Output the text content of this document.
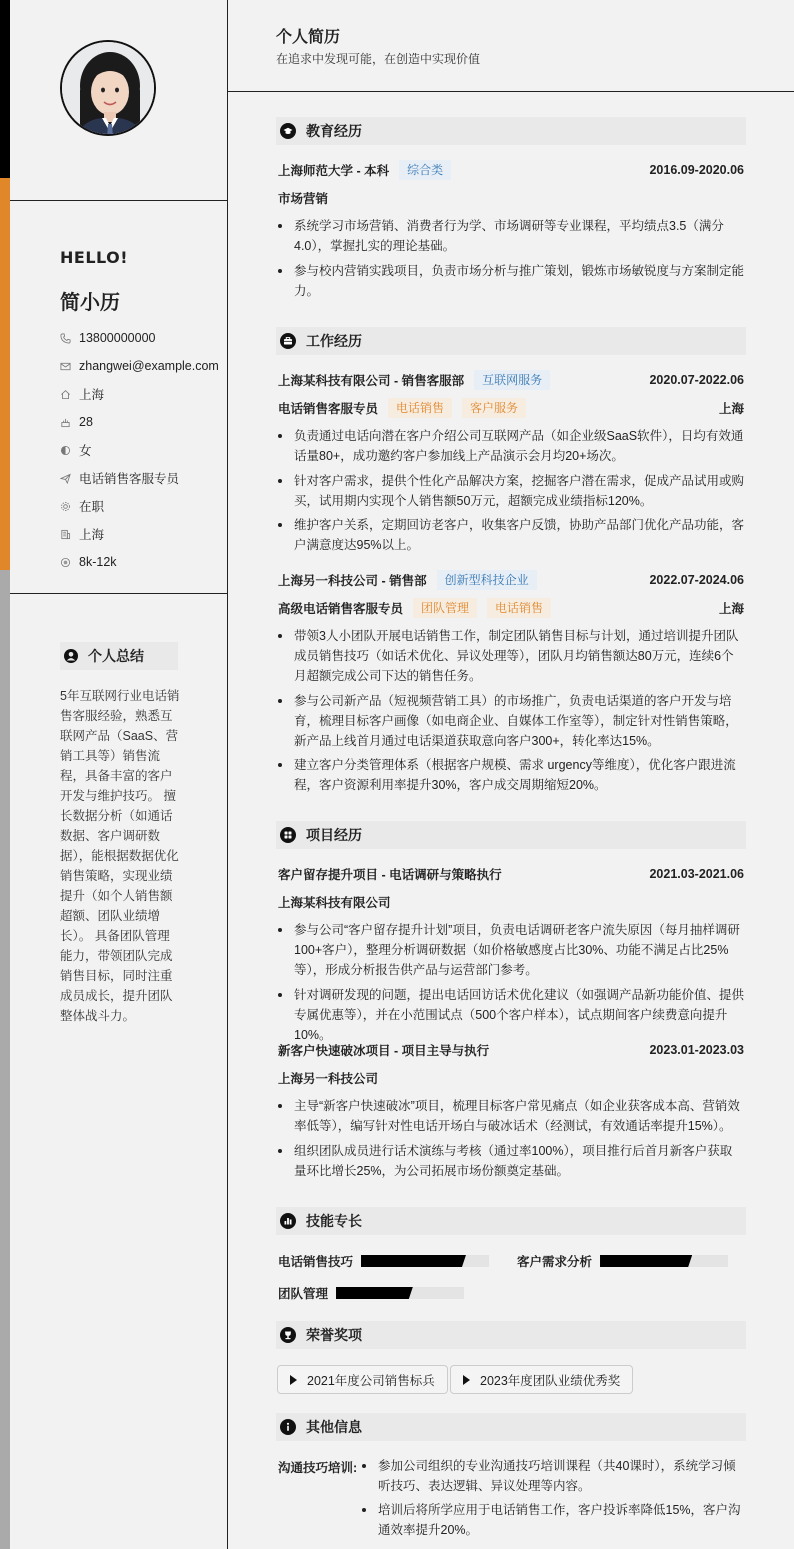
HELLO!
简小历
13800000000
zhangwei@example.com
上海
28
女
电话销售客服专员
在职
上海
8k-12k
个人总结
5年互联网行业电话销售客服经验，熟悉互联网产品（SaaS、营销工具等）销售流程，具备丰富的客户开发与维护技巧。 擅长数据分析（如通话数据、客户调研数据），能根据数据优化销售策略，实现业绩提升（如个人销售额超额、团队业绩增长）。 具备团队管理能力，带领团队完成销售目标，同时注重成员成长，提升团队整体战斗力。
个人简历
在追求中发现可能，在创造中实现价值
教育经历
上海师范大学 - 本科	综合类	2016.09-2020.06
市场营销
系统学习市场营销、消费者行为学、市场调研等专业课程，平均绩点3.5（满分4.0），掌握扎实的理论基础。
参与校内营销实践项目，负责市场分析与推广策划，锻炼市场敏锐度与方案制定能力。
工作经历
上海某科技有限公司 - 销售客服部	互联网服务	2020.07-2022.06
电话销售客服专员	电话销售	客户服务	上海
负责通过电话向潜在客户介绍公司互联网产品（如企业级SaaS软件），日均有效通话量80+，成功邀约客户参加线上产品演示会月均20+场次。
针对客户需求，提供个性化产品解决方案，挖掘客户潜在需求，促成产品试用或购买，试用期内实现个人销售额50万元，超额完成业绩指标120%。
维护客户关系，定期回访老客户，收集客户反馈，协助产品部门优化产品功能，客户满意度达95%以上。
上海另一科技公司 - 销售部	创新型科技企业	2022.07-2024.06
高级电话销售客服专员	团队管理	电话销售	上海
带领3人小团队开展电话销售工作，制定团队销售目标与计划，通过培训提升团队成员销售技巧（如话术优化、异议处理等），团队月均销售额达80万元，连续6个月超额完成公司下达的销售任务。
参与公司新产品（短视频营销工具）的市场推广，负责电话渠道的客户开发与培育，梳理目标客户画像（如电商企业、自媒体工作室等），制定针对性销售策略，新产品上线首月通过电话渠道获取意向客户300+，转化率达15%。
建立客户分类管理体系（根据客户规模、需求 urgency等维度），优化客户跟进流程，客户资源利用率提升30%，客户成交周期缩短20%。
项目经历
客户留存提升项目 - 电话调研与策略执行	2021.03-2021.06
上海某科技有限公司
参与公司“客户留存提升计划”项目，负责电话调研老客户流失原因（每月抽样调研100+客户），整理分析调研数据（如价格敏感度占比30%、功能不满足占比25%等），形成分析报告供产品与运营部门参考。
针对调研发现的问题，提出电话回访话术优化建议（如强调产品新功能价值、提供专属优惠等），并在小范围试点（500个客户样本），试点期间客户续费意向提升10%。
新客户快速破冰项目 - 项目主导与执行	2023.01-2023.03
上海另一科技公司
主导“新客户快速破冰”项目，梳理目标客户常见痛点（如企业获客成本高、营销效率低等），编写针对性电话开场白与破冰话术（经测试，有效通话率提升15%）。
组织团队成员进行话术演练与考核（通过率100%），项目推行后首月新客户获取量环比增长25%，为公司拓展市场份额奠定基础。
技能专长
电话销售技巧	客户需求分析
团队管理
荣誉奖项
2021年度公司销售标兵	2023年度团队业绩优秀奖
其他信息
沟通技巧培训:	参加公司组织的专业沟通技巧培训课程（共40课时），系统学习倾听技巧、表达逻辑、异议处理等内容。
培训后将所学应用于电话销售工作，客户投诉率降低15%，客户沟通效率提升20%。
